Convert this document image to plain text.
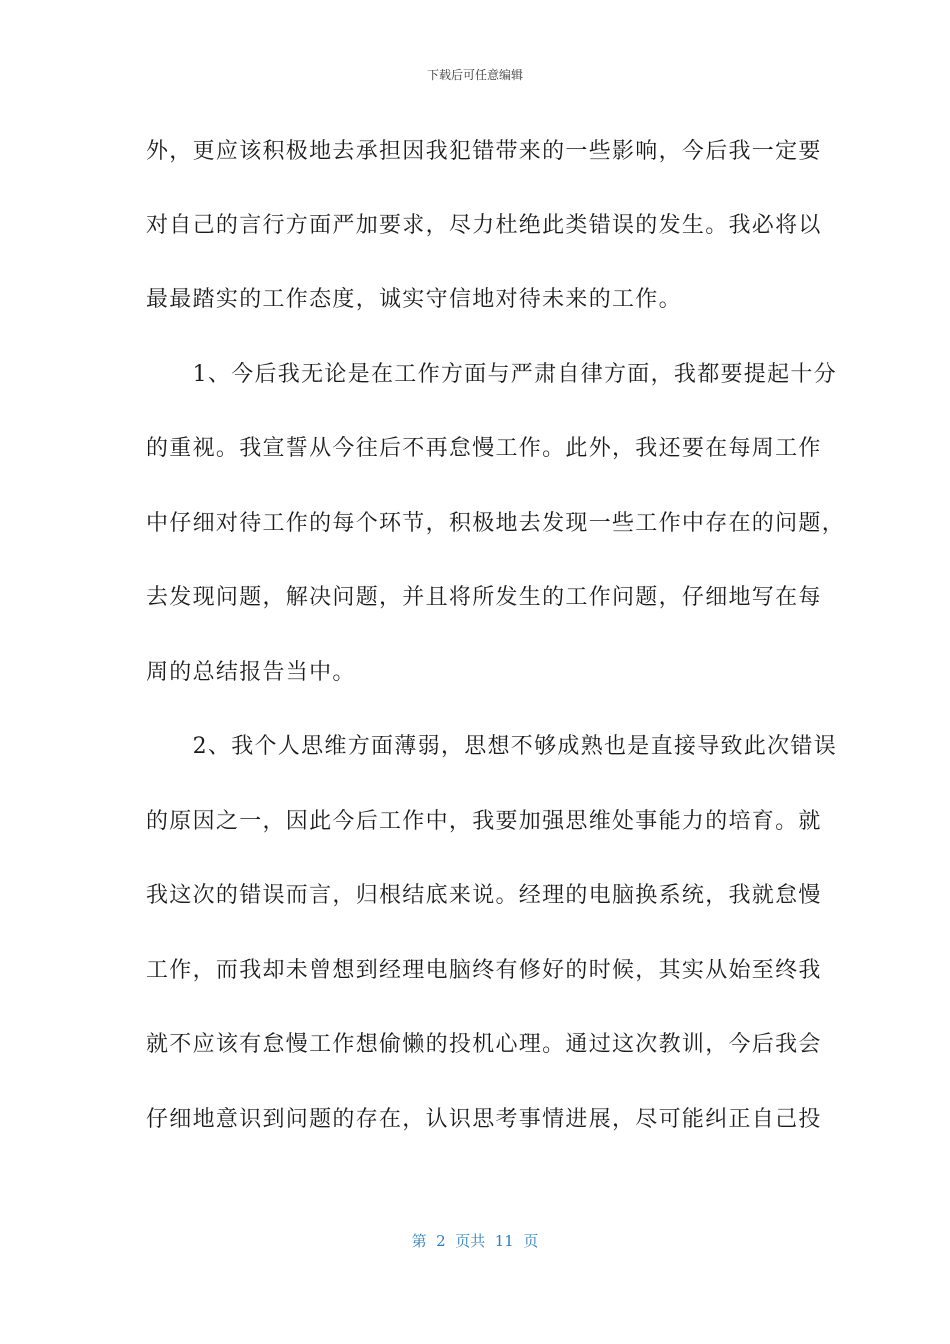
下载后可任意编辑
外，更应该积极地去承担因我犯错带来的一些影响，今后我一定要
对自己的言行方面严加要求，尽力杜绝此类错误的发生。我必将以
最最踏实的工作态度，诚实守信地对待未来的工作。
　　1、今后我无论是在工作方面与严肃自律方面，我都要提起十分
的重视。我宣誓从今往后不再怠慢工作。此外，我还要在每周工作
中仔细对待工作的每个环节，积极地去发现一些工作中存在的问题，
去发现问题，解决问题，并且将所发生的工作问题，仔细地写在每
周的总结报告当中。
　　2、我个人思维方面薄弱，思想不够成熟也是直接导致此次错误
的原因之一，因此今后工作中，我要加强思维处事能力的培育。就
我这次的错误而言，归根结底来说。经理的电脑换系统，我就怠慢
工作，而我却未曾想到经理电脑终有修好的时候，其实从始至终我
就不应该有怠慢工作想偷懒的投机心理。通过这次教训，今后我会
仔细地意识到问题的存在，认识思考事情进展，尽可能纠正自己投
第  2  页共  11  页
